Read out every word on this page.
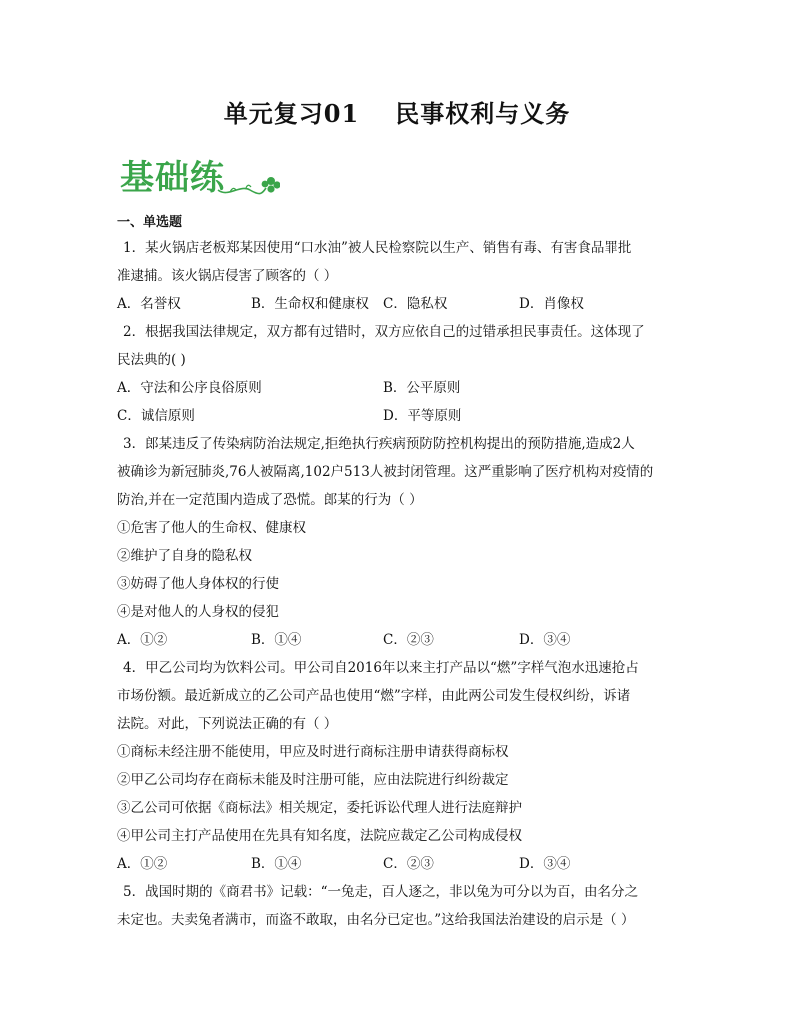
单元复习01 民事权利与义务
基础练
一、单选题
1．某火锅店老板郑某因使用“口水油”被人民检察院以生产、销售有毒、有害食品罪批
准逮捕。该火锅店侵害了顾客的（ ）
A．名誉权	B．生命权和健康权	C．隐私权	D．肖像权
2．根据我国法律规定，双方都有过错时，双方应依自己的过错承担民事责任。这体现了
民法典的( )
A．守法和公序良俗原则	B．公平原则
C．诚信原则	D．平等原则
3．郎某违反了传染病防治法规定,拒绝执行疾病预防防控机构提出的预防措施,造成2人
被确诊为新冠肺炎,76人被隔离,102户513人被封闭管理。这严重影响了医疗机构对疫情的
防治,并在一定范围内造成了恐慌。郎某的行为（ ）
①危害了他人的生命权、健康权
②维护了自身的隐私权
③妨碍了他人身体权的行使
④是对他人的人身权的侵犯
A．①②	B．①④	C．②③	D．③④
4．甲乙公司均为饮料公司。甲公司自2016年以来主打产品以“燃”字样气泡水迅速抢占
市场份额。最近新成立的乙公司产品也使用“燃”字样，由此两公司发生侵权纠纷，诉诸
法院。对此，下列说法正确的有（ ）
①商标未经注册不能使用，甲应及时进行商标注册申请获得商标权
②甲乙公司均存在商标未能及时注册可能，应由法院进行纠纷裁定
③乙公司可依据《商标法》相关规定，委托诉讼代理人进行法庭辩护
④甲公司主打产品使用在先具有知名度，法院应裁定乙公司构成侵权
A．①②	B．①④	C．②③	D．③④
5．战国时期的《商君书》记载：“一兔走，百人逐之，非以兔为可分以为百，由名分之
未定也。夫卖兔者满市，而盗不敢取，由名分已定也。”这给我国法治建设的启示是（ ）
